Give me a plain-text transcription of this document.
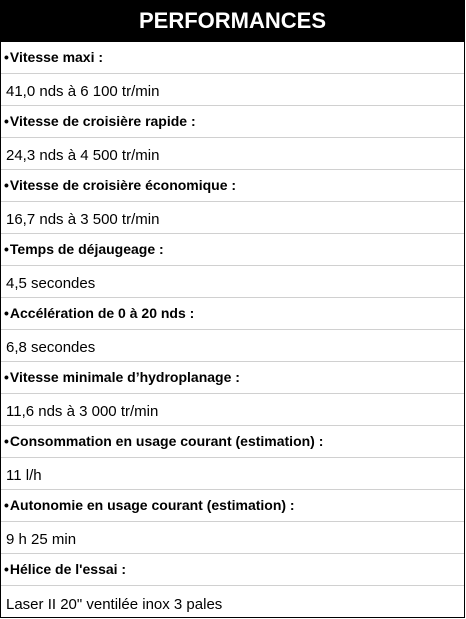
PERFORMANCES
• Vitesse maxi :
41,0 nds à 6 100 tr/min
• Vitesse de croisière rapide :
24,3 nds à 4 500 tr/min
• Vitesse de croisière économique :
16,7 nds à 3 500 tr/min
• Temps de déjaugeage :
4,5 secondes
• Accélération de 0 à 20 nds :
6,8 secondes
• Vitesse minimale d’hydroplanage :
11,6 nds à 3 000 tr/min
• Consommation en usage courant (estimation) :
11 l/h
• Autonomie en usage courant (estimation) :
9 h 25 min
• Hélice de l'essai :
Laser II 20" ventilée inox 3 pales
